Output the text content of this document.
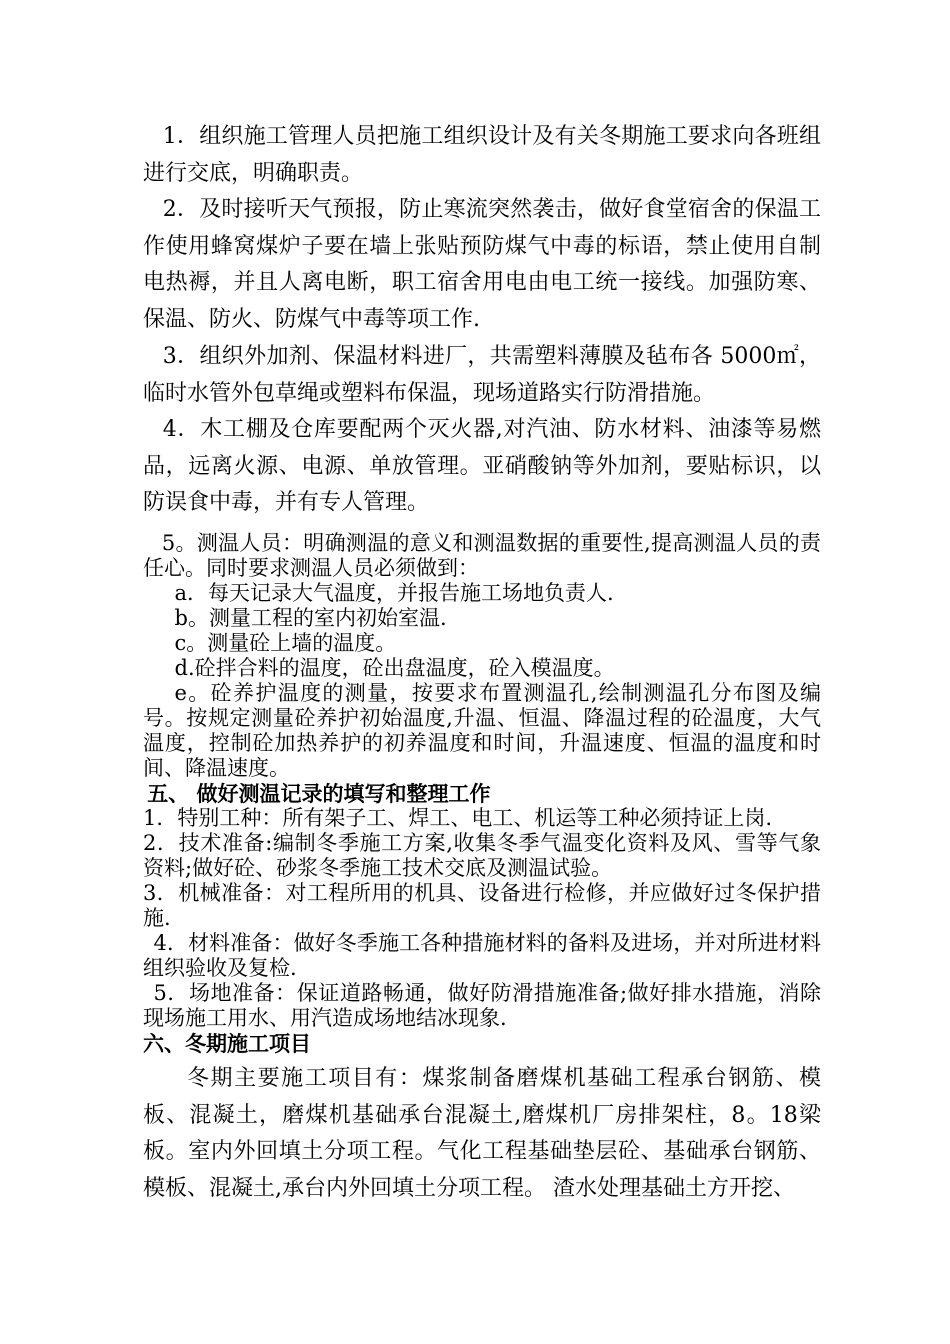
1．组织施工管理人员把施工组织设计及有关冬期施工要求向各班组进行交底，明确职责。

2．及时接听天气预报，防止寒流突然袭击，做好食堂宿舍的保温工作使用蜂窝煤炉子要在墙上张贴预防煤气中毒的标语，禁止使用自制电热褥，并且人离电断，职工宿舍用电由电工统一接线。加强防寒、保温、防火、防煤气中毒等项工作.

3．组织外加剂、保温材料进厂，共需塑料薄膜及毡布各 5000㎡，临时水管外包草绳或塑料布保温，现场道路实行防滑措施。

4．木工棚及仓库要配两个灭火器,对汽油、防水材料、油漆等易燃品，远离火源、电源、单放管理。亚硝酸钠等外加剂，要贴标识，以防误食中毒，并有专人管理。

5。测温人员：明确测温的意义和测温数据的重要性,提高测温人员的责任心。同时要求测温人员必须做到：

a．每天记录大气温度，并报告施工场地负责人.

b。测量工程的室内初始室温.

c。测量砼上墙的温度。

d.砼拌合料的温度，砼出盘温度，砼入模温度。

e。砼养护温度的测量，按要求布置测温孔,绘制测温孔分布图及编号。按规定测量砼养护初始温度,升温、恒温、降温过程的砼温度，大气温度，控制砼加热养护的初养温度和时间，升温速度、恒温的温度和时间、降温速度。

五、 做好测温记录的填写和整理工作

1．特别工种：所有架子工、焊工、电工、机运等工种必须持证上岗.

2．技术准备:编制冬季施工方案,收集冬季气温变化资料及风、雪等气象资料;做好砼、砂浆冬季施工技术交底及测温试验。

3．机械准备：对工程所用的机具、设备进行检修，并应做好过冬保护措施.

4．材料准备：做好冬季施工各种措施材料的备料及进场，并对所进材料组织验收及复检.

5．场地准备：保证道路畅通，做好防滑措施准备;做好排水措施，消除现场施工用水、用汽造成场地结冰现象.

六、冬期施工项目

冬期主要施工项目有：煤浆制备磨煤机基础工程承台钢筋、模板、混凝土，磨煤机基础承台混凝土,磨煤机厂房排架柱，8。18梁板。室内外回填土分项工程。气化工程基础垫层砼、基础承台钢筋、模板、混凝土,承台内外回填土分项工程。 渣水处理基础土方开挖、
